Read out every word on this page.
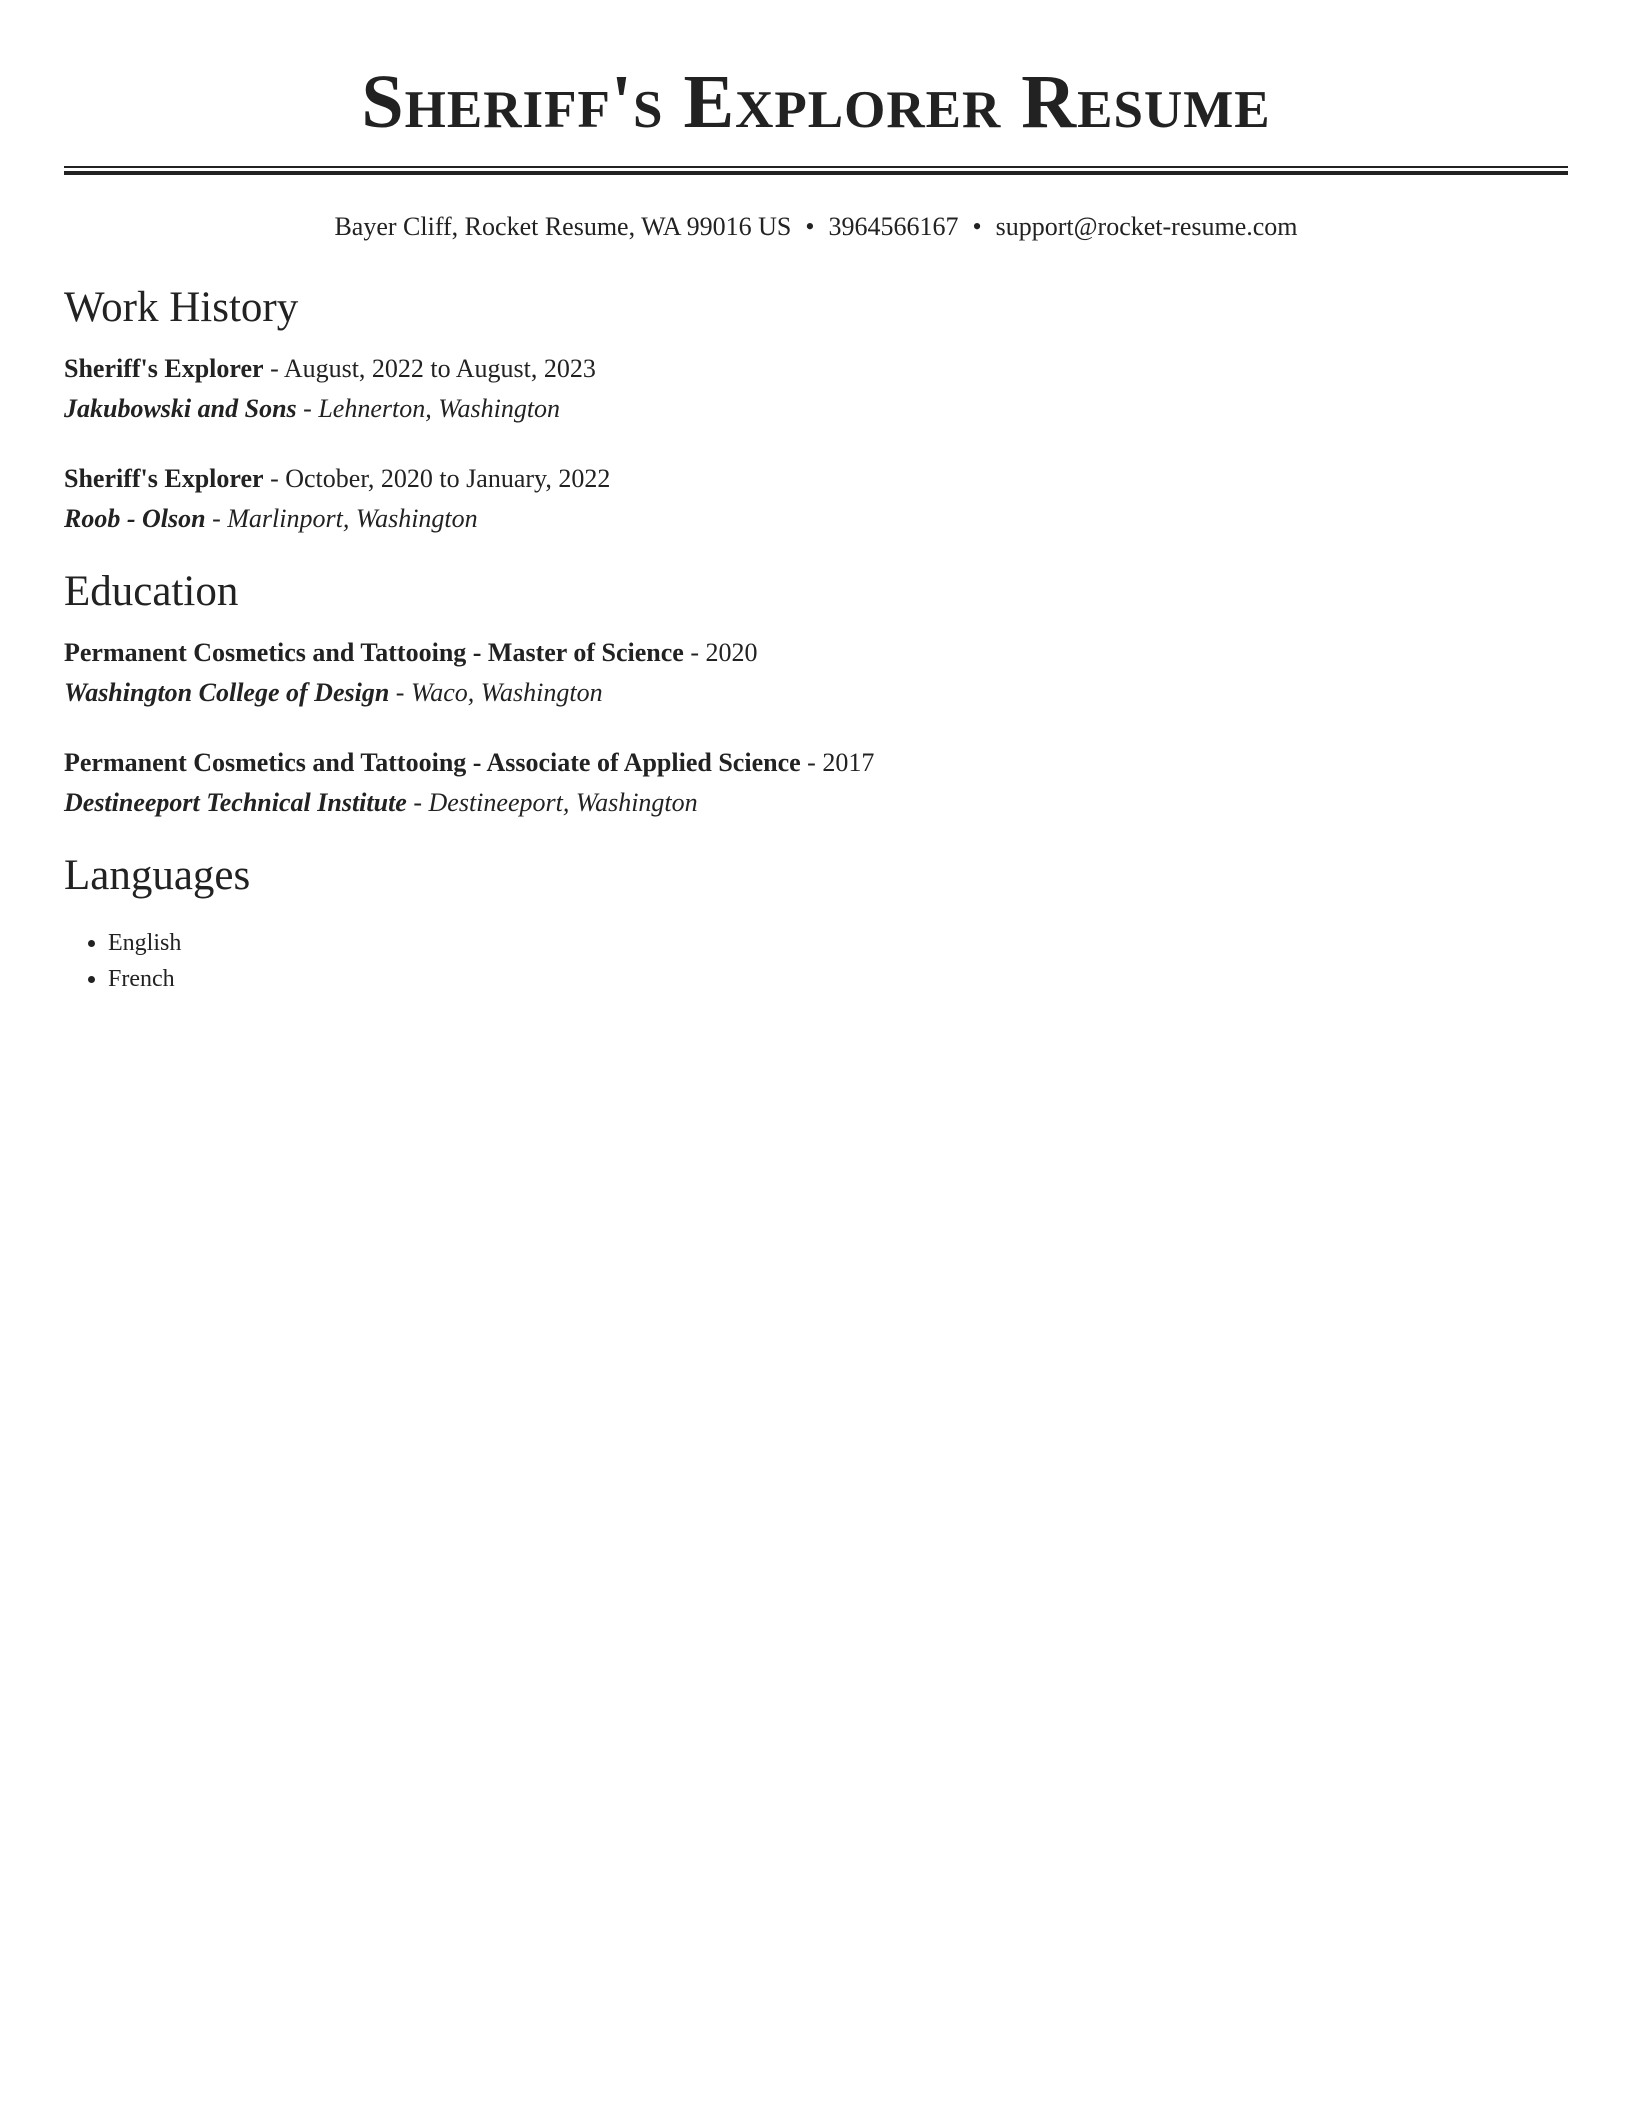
Sheriff's Explorer Resume
Bayer Cliff, Rocket Resume, WA 99016 US • 3964566167 • support@rocket-resume.com
Work History
Sheriff's Explorer - August, 2022 to August, 2023
Jakubowski and Sons - Lehnerton, Washington
Sheriff's Explorer - October, 2020 to January, 2022
Roob - Olson - Marlinport, Washington
Education
Permanent Cosmetics and Tattooing - Master of Science - 2020
Washington College of Design - Waco, Washington
Permanent Cosmetics and Tattooing - Associate of Applied Science - 2017
Destineeport Technical Institute - Destineeport, Washington
Languages
• English
• French
